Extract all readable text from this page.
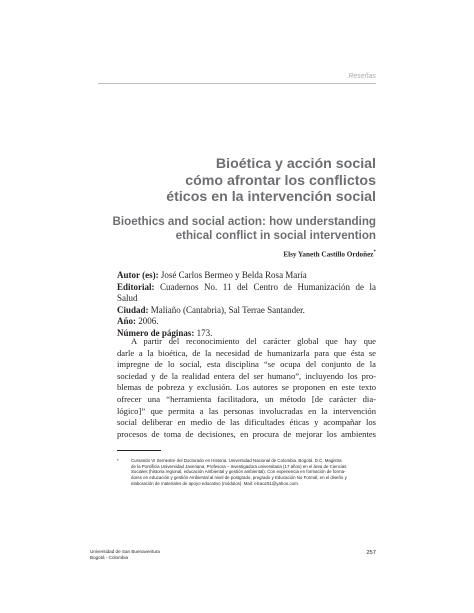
Reseñas
Bioética y acción social
cómo afrontar los conflictos
éticos en la intervención social
Bioethics and social action: how understanding
ethical conflict in social intervention
Elsy Yaneth Castillo Ordoñez*
Autor (es): José Carlos Bermeo y Belda Rosa María
Editorial: Cuadernos No. 11 del Centro de Humanización de la
Salud
Ciudad: Maliaño (Cantabria), Sal Terrae Santander.
Año: 2006.
Número de páginas: 173.
A partir del reconocimiento del carácter global que hay que
darle a la bioética, de la necesidad de humanizarla para que ésta se
impregne de lo social, esta disciplina “se ocupa del conjunto de la
sociedad y de la realidad entera del ser humano”, incluyendo los pro-
blemas de pobreza y exclusión. Los autores se proponen en este texto
ofrecer una “herramienta facilitadora, un método [de carácter dia-
lógico]” que permita a las personas involucradas en la intervención
social deliberar en medio de las dificultades éticas y acompañar los
procesos de toma de decisiones, en procura de mejorar los ambientes
*	Cursando VI Semestre del Doctorado en Historia. Universidad Nacional de Colombia. Bogotá. D.C. Magistra
de la Pontificia Universidad Javeriana. Profesora – Investigadora universitaria (17 años) en el área de Ciencias
Sociales (historia regional, educación Ambiental y gestión ambiental). Con experiencia en formación de forma-
dores en educación y gestión Ambiental al nivel de postgrado, pregrado y Educación No Formal; en el diseño y
elaboración de materiales de apoyo educativo (módulos). Mail: elcaoz51@yahoo.com.
Universidad de San Buenaventura
Bogotá - Colombia
257
